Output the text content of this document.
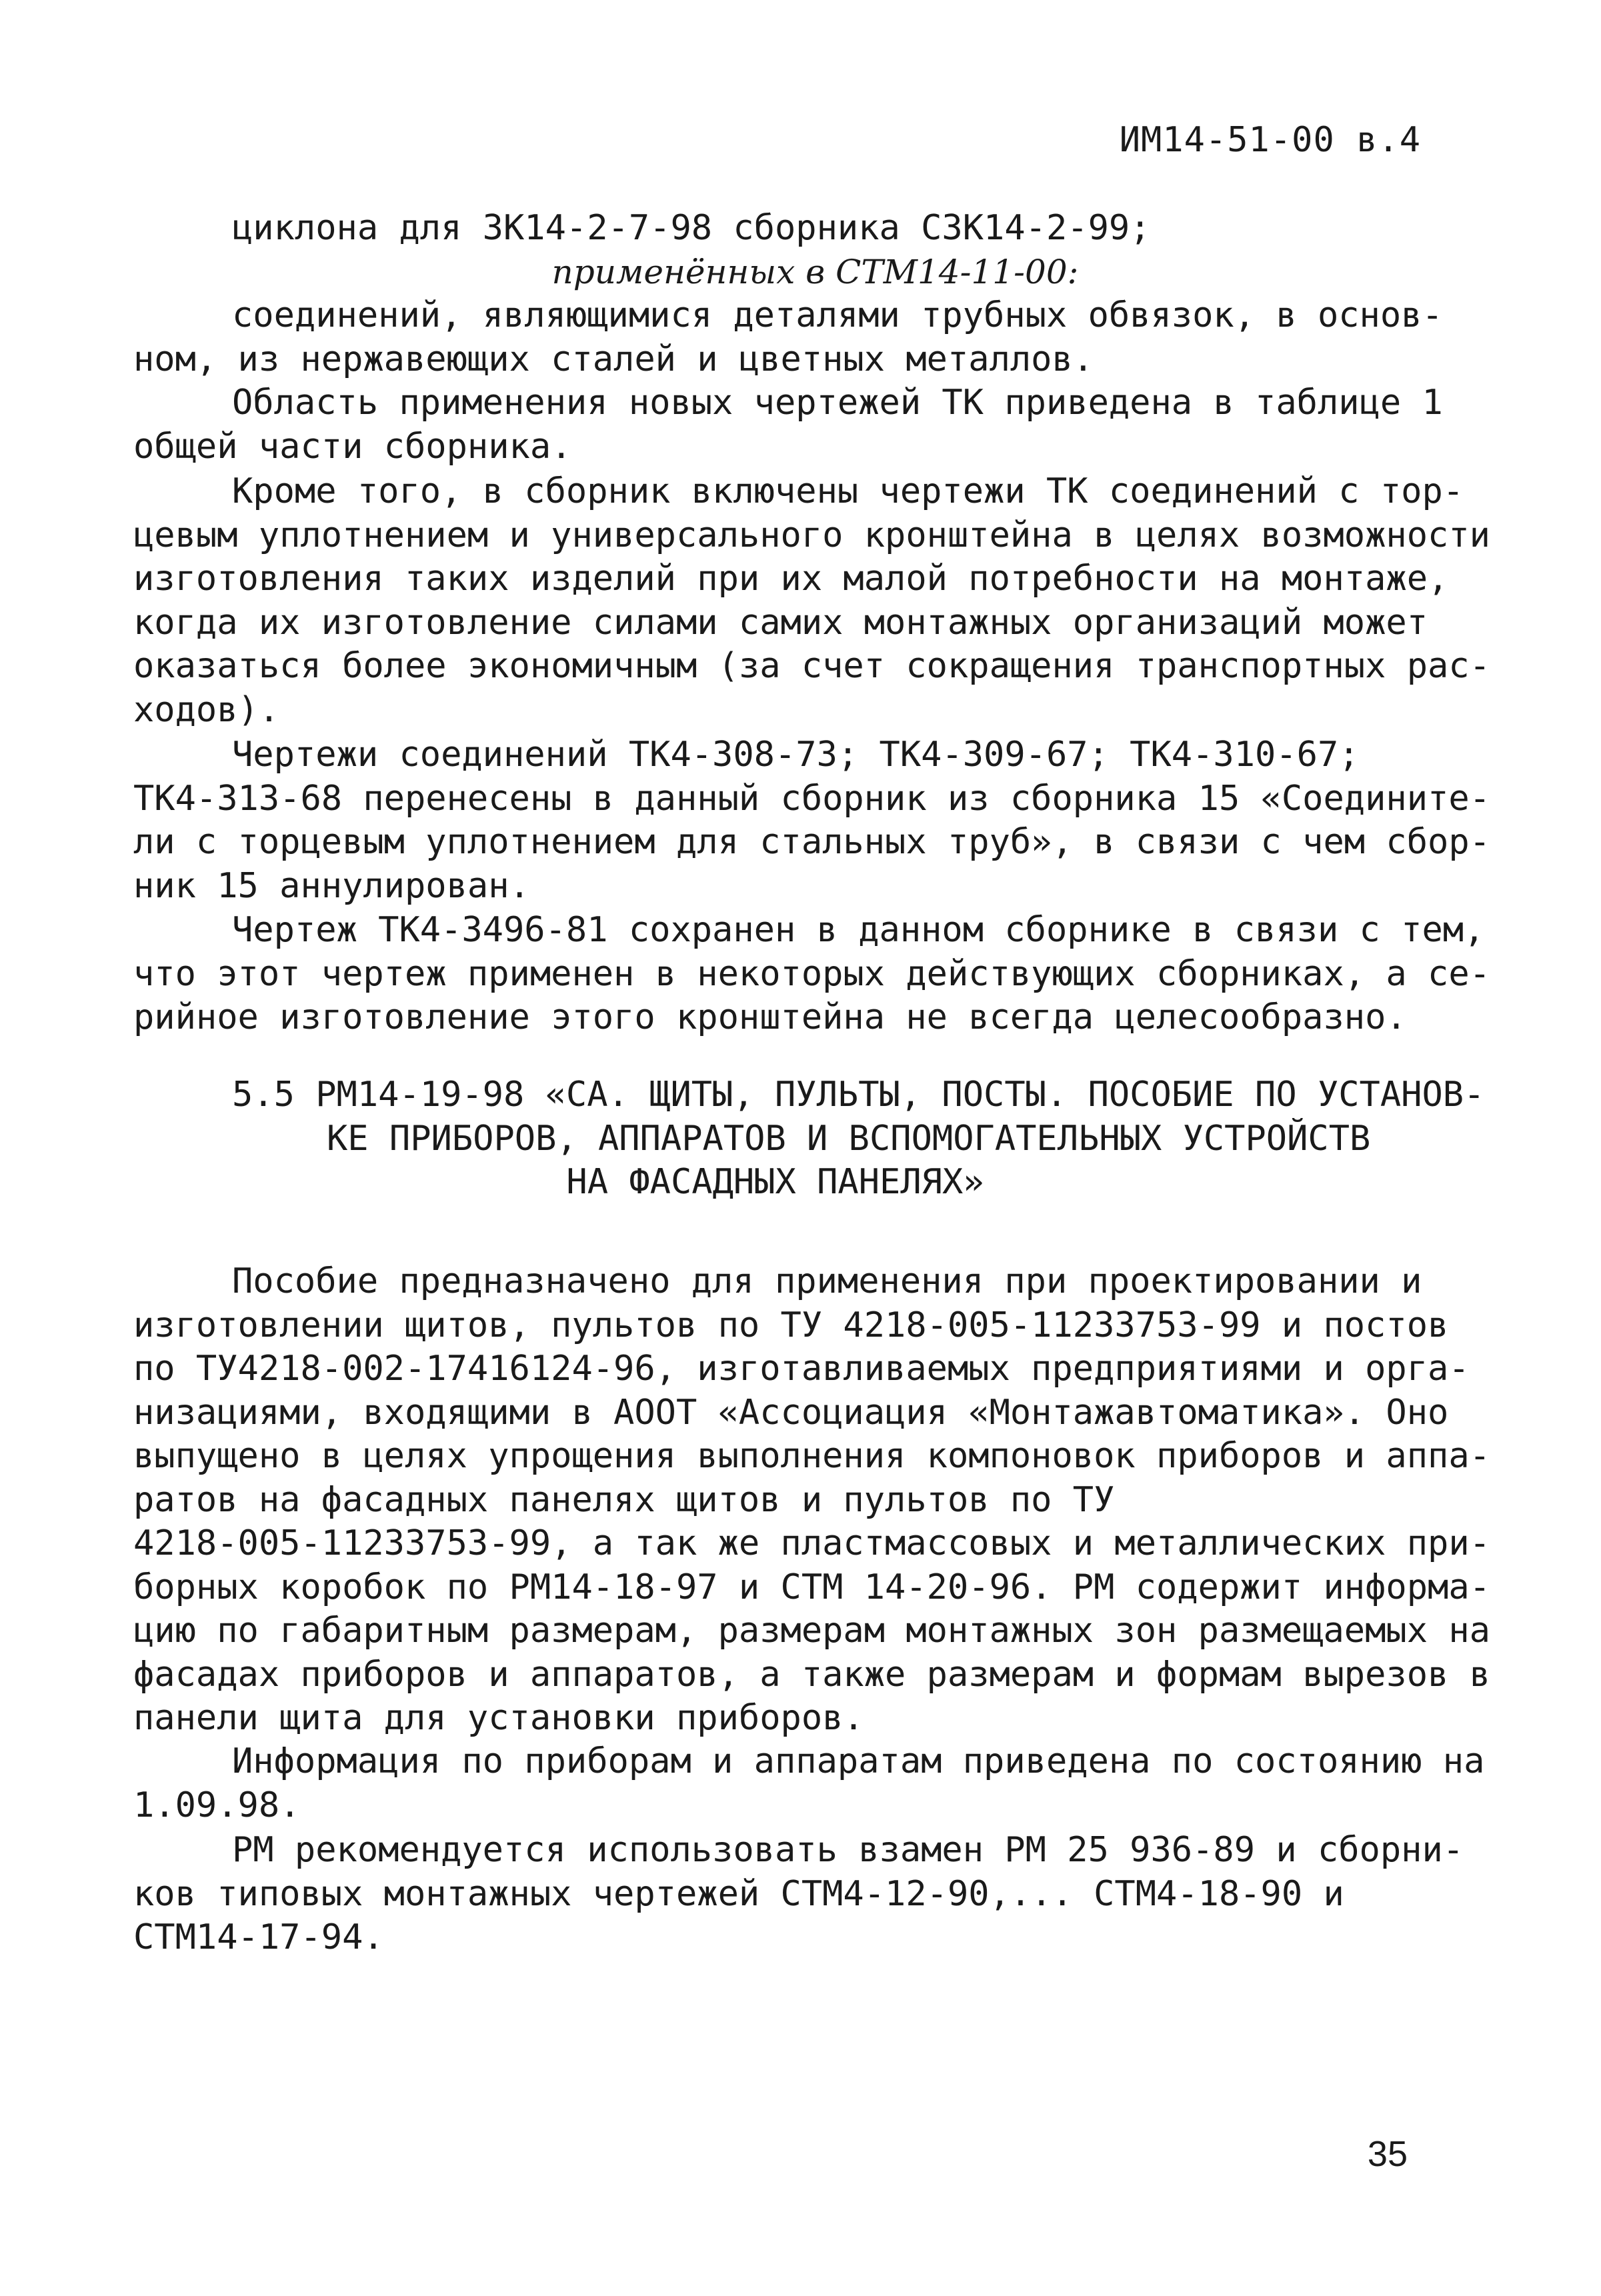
ИМ14-51-00 в.4
циклона для ЗК14-2-7-98 сборника СЗК14-2-99;
применённых в СТМ14-11-00:
соединений, являющимися деталями трубных обвязок, в основ-
ном, из нержавеющих сталей и цветных металлов.
Область применения новых чертежей ТК приведена в таблице 1
общей части сборника.
Кроме того, в сборник включены чертежи ТК соединений с тор-
цевым уплотнением и универсального кронштейна в целях возможности
изготовления таких изделий при их малой потребности на монтаже,
когда их изготовление силами самих монтажных организаций может
оказаться более экономичным (за счет сокращения транспортных рас-
ходов).
Чертежи соединений ТК4-308-73; ТК4-309-67; ТК4-310-67;
ТК4-313-68 перенесены в данный сборник из сборника 15 «Соедините-
ли с торцевым уплотнением для стальных труб», в связи с чем сбор-
ник 15 аннулирован.
Чертеж ТК4-3496-81 сохранен в данном сборнике в связи с тем,
что этот чертеж применен в некоторых действующих сборниках, а се-
рийное изготовление этого кронштейна не всегда целесообразно.
5.5 РМ14-19-98 «СА. ЩИТЫ, ПУЛЬТЫ, ПОСТЫ. ПОСОБИЕ ПО УСТАНОВ-
КЕ ПРИБОРОВ, АППАРАТОВ И ВСПОМОГАТЕЛЬНЫХ УСТРОЙСТВ
НА ФАСАДНЫХ ПАНЕЛЯХ»
Пособие предназначено для применения при проектировании и
изготовлении щитов, пультов по ТУ 4218-005-11233753-99 и постов
по ТУ4218-002-17416124-96, изготавливаемых предприятиями и орга-
низациями, входящими в АООТ «Ассоциация «Монтажавтоматика». Оно
выпущено в целях упрощения выполнения компоновок приборов и аппа-
ратов на фасадных панелях щитов и пультов по ТУ
4218-005-11233753-99, а так же пластмассовых и металлических при-
борных коробок по РМ14-18-97 и СТМ 14-20-96. РМ содержит информа-
цию по габаритным размерам, размерам монтажных зон размещаемых на
фасадах приборов и аппаратов, а также размерам и формам вырезов в
панели щита для установки приборов.
Информация по приборам и аппаратам приведена по состоянию на
1.09.98.
РМ рекомендуется использовать взамен РМ 25 936-89 и сборни-
ков типовых монтажных чертежей СТМ4-12-90,... СТМ4-18-90 и
СТМ14-17-94.
35
